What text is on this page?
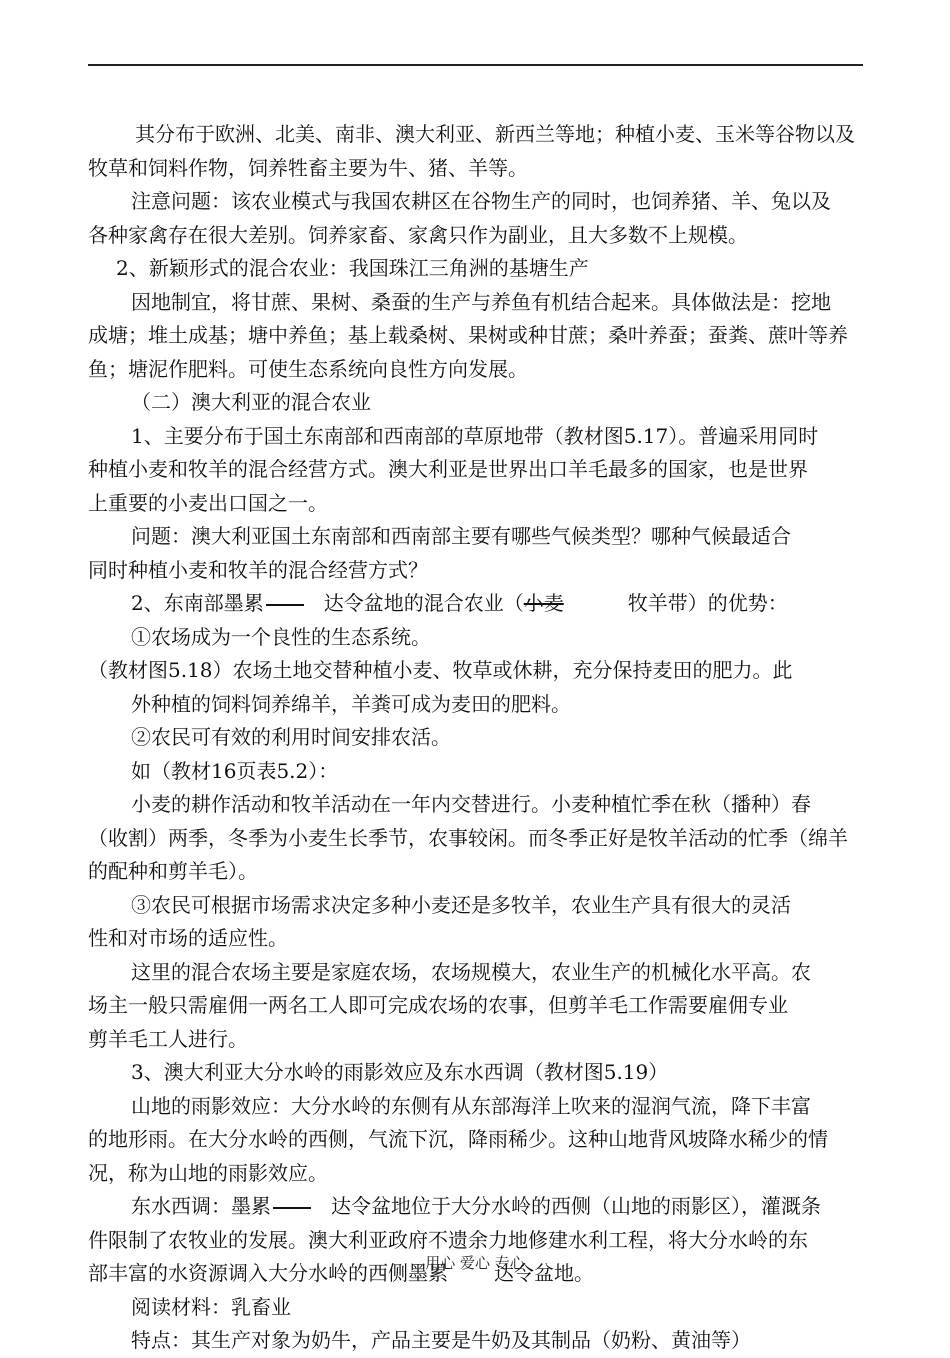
其分布于欧洲、北美、南非、澳大利亚、新西兰等地；种植小麦、玉米等谷物以及
牧草和饲料作物，饲养牲畜主要为牛、猪、羊等。
注意问题：该农业模式与我国农耕区在谷物生产的同时，也饲养猪、羊、兔以及
各种家禽存在很大差别。饲养家畜、家禽只作为副业，且大多数不上规模。
2、新颖形式的混合农业：我国珠江三角洲的基塘生产
因地制宜，将甘蔗、果树、桑蚕的生产与养鱼有机结合起来。具体做法是：挖地
成塘；堆土成基；塘中养鱼；基上载桑树、果树或种甘蔗；桑叶养蚕；蚕粪、蔗叶等养
鱼；塘泥作肥料。可使生态系统向良性方向发展。
（二）澳大利亚的混合农业
1、主要分布于国土东南部和西南部的草原地带（教材图5.17）。普遍采用同时
种植小麦和牧羊的混合经营方式。澳大利亚是世界出口羊毛最多的国家，也是世界
上重要的小麦出口国之一。
问题：澳大利亚国土东南部和西南部主要有哪些气候类型？哪种气候最适合
同时种植小麦和牧羊的混合经营方式？
2、东南部墨累	达令盆地的混合农业（小麦	牧羊带）的优势：
①农场成为一个良性的生态系统。
（教材图5.18）农场土地交替种植小麦、牧草或休耕，充分保持麦田的肥力。此
外种植的饲料饲养绵羊，羊粪可成为麦田的肥料。
②农民可有效的利用时间安排农活。
如（教材16页表5.2）：
小麦的耕作活动和牧羊活动在一年内交替进行。小麦种植忙季在秋（播种）春
（收割）两季，冬季为小麦生长季节，农事较闲。而冬季正好是牧羊活动的忙季（绵羊
的配种和剪羊毛）。
③农民可根据市场需求决定多种小麦还是多牧羊，农业生产具有很大的灵活
性和对市场的适应性。
这里的混合农场主要是家庭农场，农场规模大，农业生产的机械化水平高。农
场主一般只需雇佣一两名工人即可完成农场的农事，但剪羊毛工作需要雇佣专业
剪羊毛工人进行。
3、澳大利亚大分水岭的雨影效应及东水西调（教材图5.19）
山地的雨影效应：大分水岭的东侧有从东部海洋上吹来的湿润气流，降下丰富
的地形雨。在大分水岭的西侧，气流下沉，降雨稀少。这种山地背风坡降水稀少的情
况，称为山地的雨影效应。
东水西调：墨累	达令盆地位于大分水岭的西侧（山地的雨影区），灌溉条
件限制了农牧业的发展。澳大利亚政府不遗余力地修建水利工程，将大分水岭的东
部丰富的水资源调入大分水岭的西侧墨累 达令盆地。
阅读材料：乳畜业
特点：其生产对象为奶牛，产品主要是牛奶及其制品（奶粉、黄油等）
用心 爱心 专心
